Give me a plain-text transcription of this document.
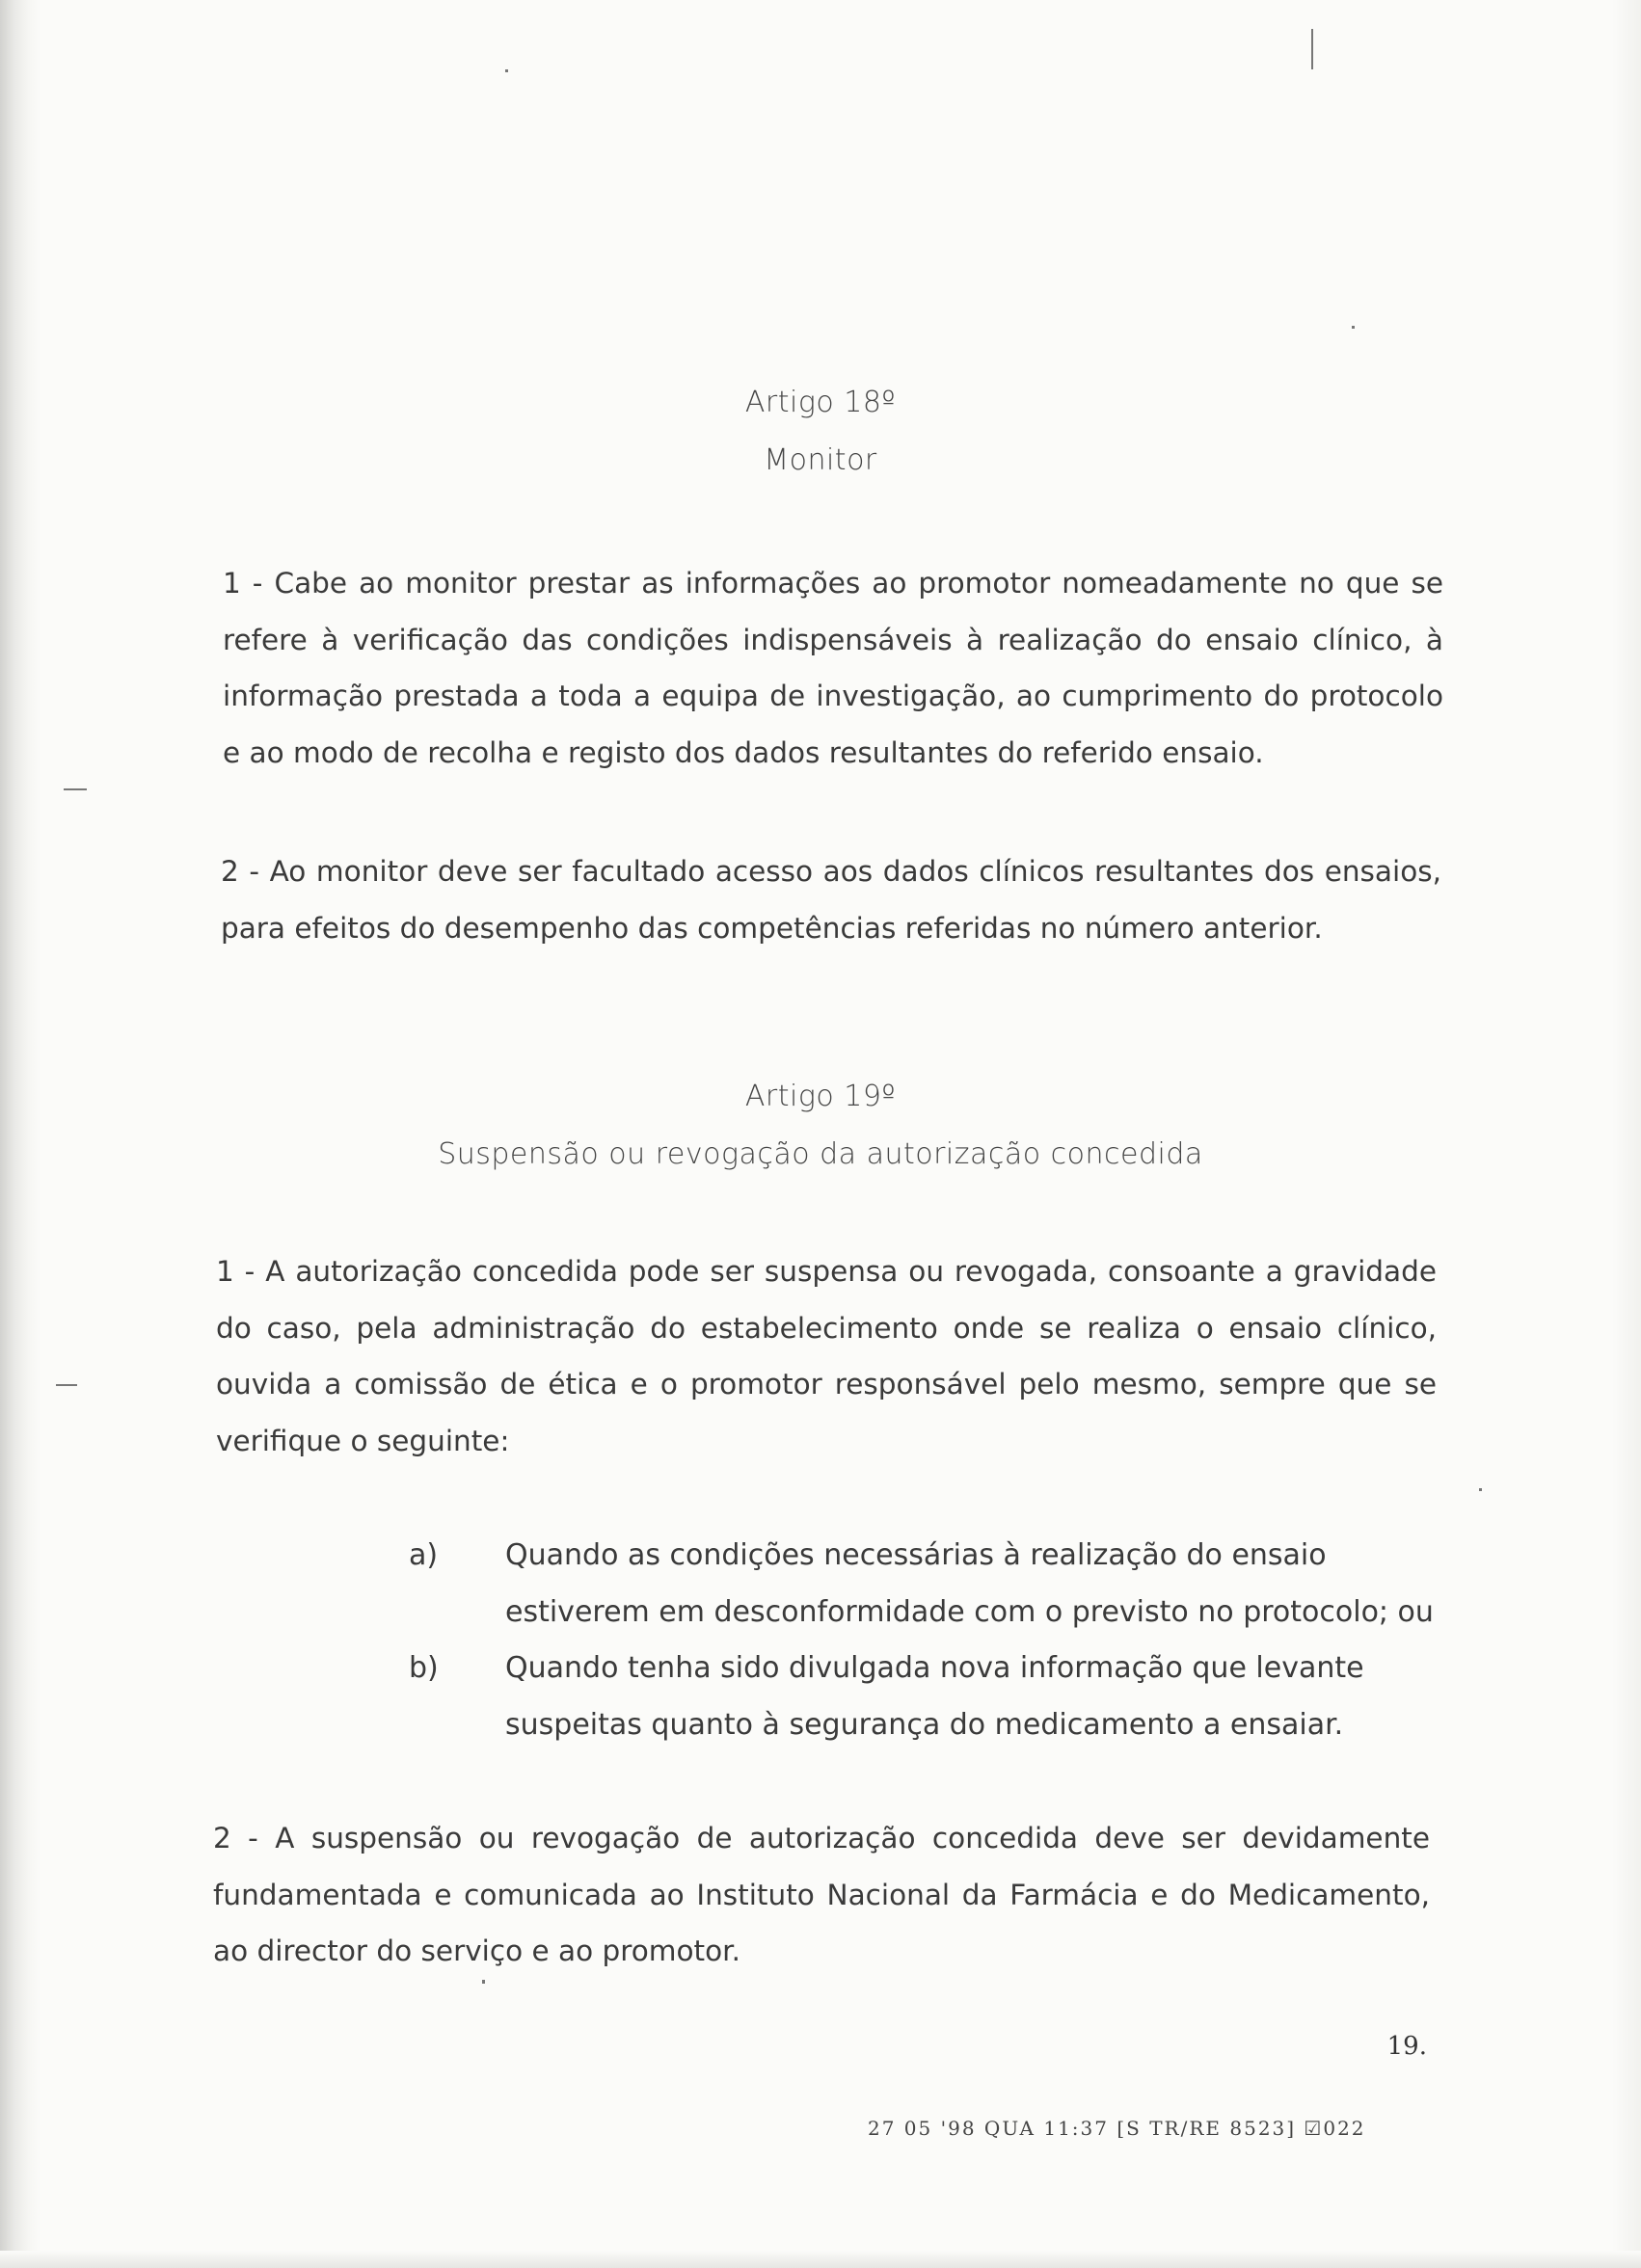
Artigo 18º
Monitor

1 - Cabe ao monitor prestar as informações ao promotor nomeadamente no que se refere à verificação das condições indispensáveis à realização do ensaio clínico, à informação prestada a toda a equipa de investigação, ao cumprimento do protocolo e ao modo de recolha e registo dos dados resultantes do referido ensaio.

2 - Ao monitor deve ser facultado acesso aos dados clínicos resultantes dos ensaios, para efeitos do desempenho das competências referidas no número anterior.

Artigo 19º
Suspensão ou revogação da autorização concedida

1 - A autorização concedida pode ser suspensa ou revogada, consoante a gravidade do caso, pela administração do estabelecimento onde se realiza o ensaio clínico, ouvida a comissão de ética e o promotor responsável pelo mesmo, sempre que se verifique o seguinte:

a) Quando as condições necessárias à realização do ensaio estiverem em desconformidade com o previsto no protocolo; ou
b) Quando tenha sido divulgada nova informação que levante suspeitas quanto à segurança do medicamento a ensaiar.

2 - A suspensão ou revogação de autorização concedida deve ser devidamente fundamentada e comunicada ao Instituto Nacional da Farmácia e do Medicamento, ao director do serviço e ao promotor.

19.
27 05 '98 QUA 11:37 [S TR/RE 8523] ☑022
